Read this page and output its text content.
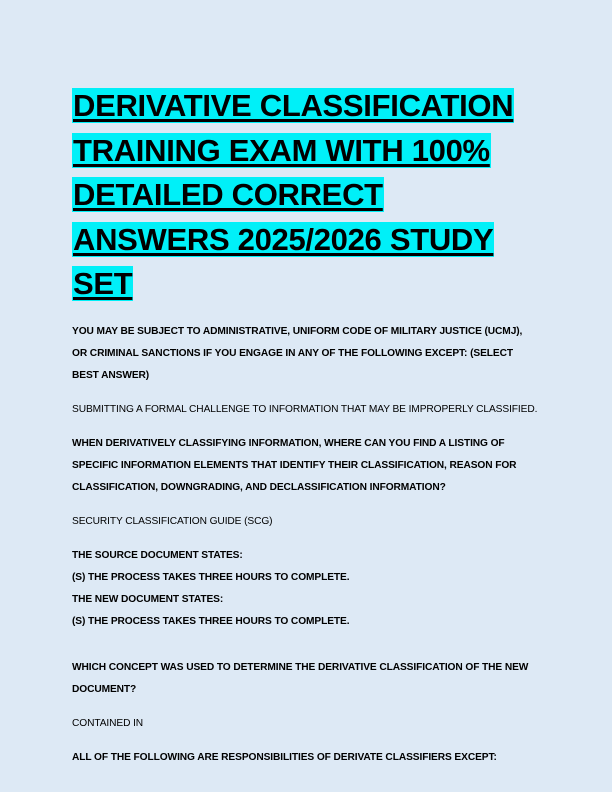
DERIVATIVE CLASSIFICATION TRAINING EXAM WITH 100% DETAILED CORRECT ANSWERS 2025/2026 STUDY SET

YOU MAY BE SUBJECT TO ADMINISTRATIVE, UNIFORM CODE OF MILITARY JUSTICE (UCMJ), OR CRIMINAL SANCTIONS IF YOU ENGAGE IN ANY OF THE FOLLOWING EXCEPT: (SELECT BEST ANSWER)

SUBMITTING A FORMAL CHALLENGE TO INFORMATION THAT MAY BE IMPROPERLY CLASSIFIED.

WHEN DERIVATIVELY CLASSIFYING INFORMATION, WHERE CAN YOU FIND A LISTING OF SPECIFIC INFORMATION ELEMENTS THAT IDENTIFY THEIR CLASSIFICATION, REASON FOR CLASSIFICATION, DOWNGRADING, AND DECLASSIFICATION INFORMATION?

SECURITY CLASSIFICATION GUIDE (SCG)

THE SOURCE DOCUMENT STATES:
(S) THE PROCESS TAKES THREE HOURS TO COMPLETE.
THE NEW DOCUMENT STATES:
(S) THE PROCESS TAKES THREE HOURS TO COMPLETE.

WHICH CONCEPT WAS USED TO DETERMINE THE DERIVATIVE CLASSIFICATION OF THE NEW DOCUMENT?

CONTAINED IN

ALL OF THE FOLLOWING ARE RESPONSIBILITIES OF DERIVATE CLASSIFIERS EXCEPT:
